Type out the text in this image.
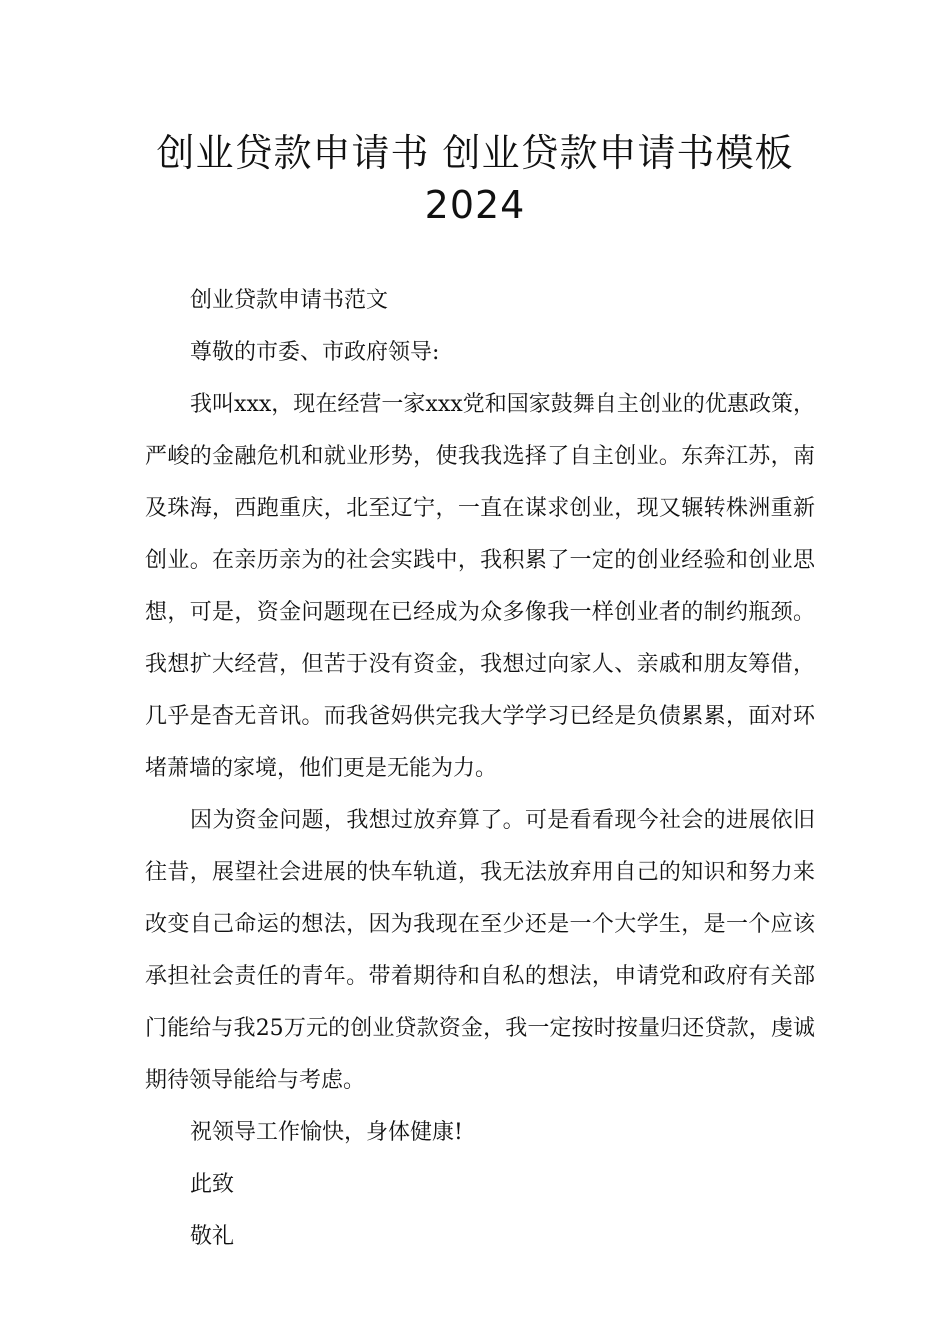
创业贷款申请书 创业贷款申请书模板
2024

创业贷款申请书范文

尊敬的市委、市政府领导:

我叫xxx，现在经营一家xxx党和国家鼓舞自主创业的优惠政策，严峻的金融危机和就业形势，使我我选择了自主创业。东奔江苏，南及珠海，西跑重庆，北至辽宁，一直在谋求创业，现又辗转株洲重新创业。在亲历亲为的社会实践中，我积累了一定的创业经验和创业思想，可是，资金问题现在已经成为众多像我一样创业者的制约瓶颈。我想扩大经营，但苦于没有资金，我想过向家人、亲戚和朋友筹借，几乎是杳无音讯。而我爸妈供完我大学学习已经是负债累累，面对环堵萧墙的家境，他们更是无能为力。

因为资金问题，我想过放弃算了。可是看看现今社会的进展依旧往昔，展望社会进展的快车轨道，我无法放弃用自己的知识和努力来改变自己命运的想法，因为我现在至少还是一个大学生，是一个应该承担社会责任的青年。带着期待和自私的想法，申请党和政府有关部门能给与我25万元的创业贷款资金，我一定按时按量归还贷款，虔诚期待领导能给与考虑。

祝领导工作愉快，身体健康!

此致

敬礼
